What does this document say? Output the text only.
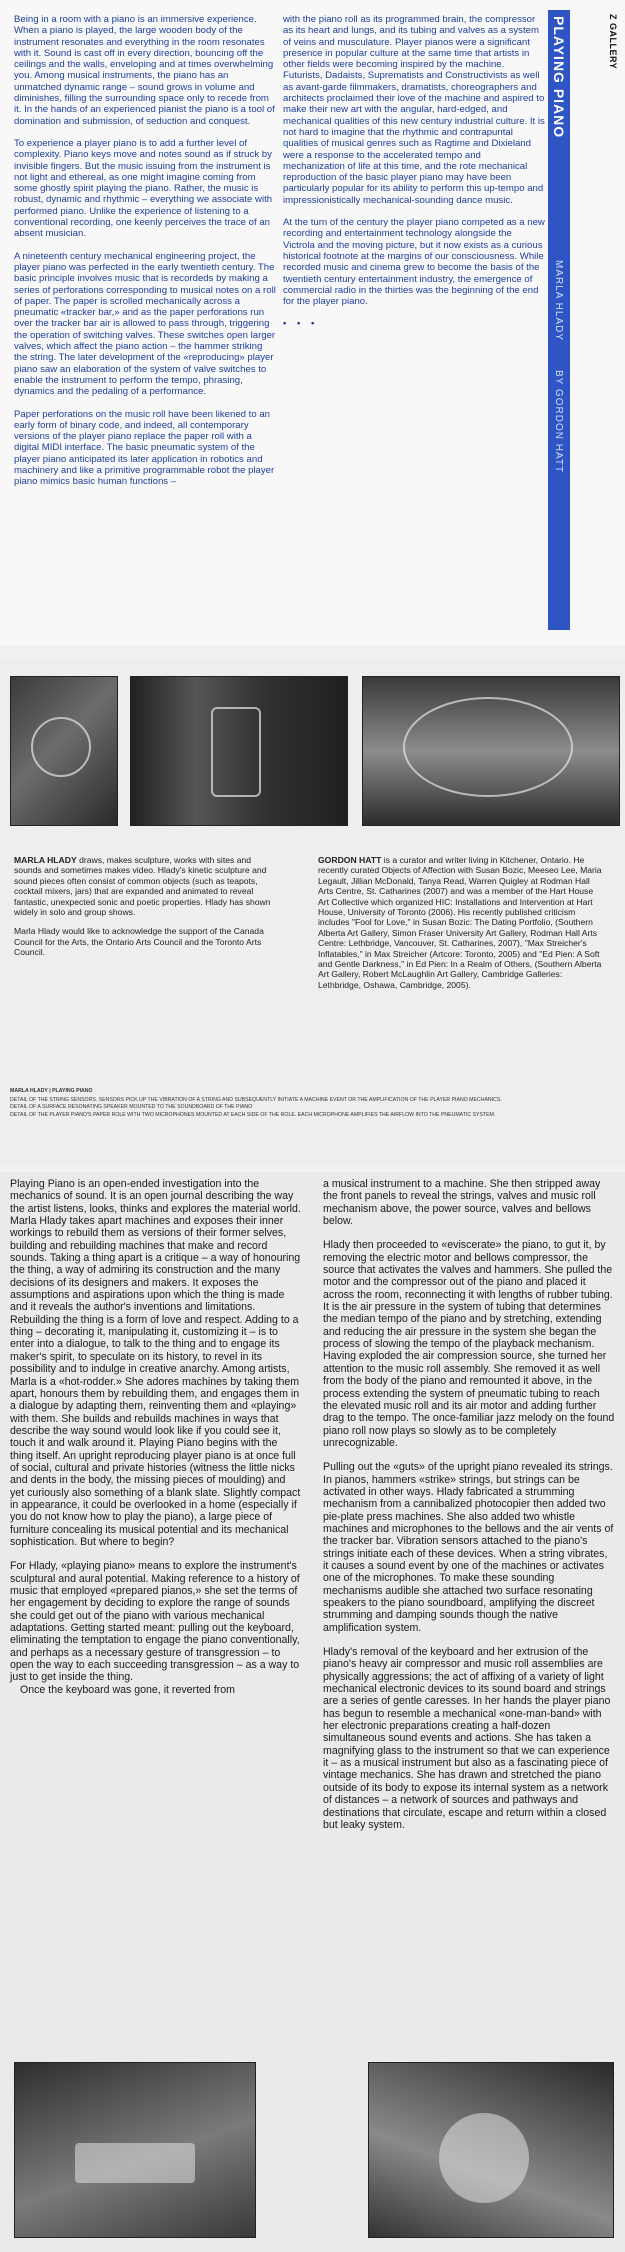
Being in a room with a piano is an immersive experience. When a piano is played, the large wooden body of the instrument resonates and everything in the room resonates with it. Sound is cast off in every direction, bouncing off the ceilings and the walls, enveloping and at times overwhelming you. Among musical instruments, the piano has an unmatched dynamic range – sound grows in volume and diminishes, filling the surrounding space only to recede from it. In the hands of an experienced pianist the piano is a tool of domination and submission, of seduction and conquest.

To experience a player piano is to add a further level of complexity. Piano keys move and notes sound as if struck by invisible fingers. But the music issuing from the instrument is not light and ethereal, as one might imagine coming from some ghostly spirit playing the piano. Rather, the music is robust, dynamic and rhythmic – everything we associate with performed piano. Unlike the experience of listening to a conventional recording, one keenly perceives the trace of an absent musician.

A nineteenth century mechanical engineering project, the player piano was perfected in the early twentieth century. The basic principle involves music that is recordeds by making a series of perforations corresponding to musical notes on a roll of paper. The paper is scrolled mechanically across a pneumatic «tracker bar,» and as the paper perforations run over the tracker bar air is allowed to pass through, triggering the operation of switching valves. These switches open larger valves, which affect the piano action – the hammer striking the string. The later development of the «reproducing» player piano saw an elaboration of the system of valve switches to enable the instrument to perform the tempo, phrasing, dynamics and the pedaling of a performance.

Paper perforations on the music roll have been likened to an early form of binary code, and indeed, all contemporary versions of the player piano replace the paper roll with a digital MIDI interface. The basic pneumatic system of the player piano anticipated its later application in robotics and machinery and like a primitive programmable robot the player piano mimics basic human functions –

with the piano roll as its programmed brain, the compressor as its heart and lungs, and its tubing and valves as a system of veins and musculature. Player pianos were a significant presence in popular culture at the same time that artists in other fields were becoming inspired by the machine. Futurists, Dadaists, Suprematists and Constructivists as well as avant-garde filmmakers, dramatists, choreographers and architects proclaimed their love of the machine and aspired to make their new art with the angular, hard-edged, and mechanical qualities of this new century industrial culture. It is not hard to imagine that the rhythmic and contrapuntal qualities of musical genres such as Ragtime and Dixieland were a response to the accelerated tempo and mechanization of life at this time, and the rote mechanical reproduction of the basic player piano may have been particularly popular for its ability to perform this up-tempo and impressionistically mechanical-sounding dance music.

At the turn of the century the player piano competed as a new recording and entertainment technology alongside the Victrola and the moving picture, but it now exists as a curious historical footnote at the margins of our consciousness. While recorded music and cinema grew to become the basis of the twentieth century entertainment industry, the emergence of commercial radio in the thirties was the beginning of the end for the player piano.

• • •

PLAYING PIANO
MARLA HLADY
BY GORDON HATT
Z GALLERY

MARLA HLADY draws, makes sculpture, works with sites and sounds and sometimes makes video. Hlady's kinetic sculpture and sound pieces often consist of common objects (such as teapots, cocktail mixers, jars) that are expanded and animated to reveal fantastic, unexpected sonic and poetic properties. Hlady has shown widely in solo and group shows.

Marla Hlady would like to acknowledge the support of the Canada Council for the Arts, the Ontario Arts Council and the Toronto Arts Council.

GORDON HATT is a curator and writer living in Kitchener, Ontario. He recently curated Objects of Affection with Susan Bozic, Meeseo Lee, Maria Legault, Jillian McDonald, Tanya Read, Warren Quigley at Rodman Hall Arts Centre, St. Catharines (2007) and was a member of the Hart House Art Collective which organized HIC: Installations and Intervention at Hart House, University of Toronto (2006). His recently published criticism includes "Fool for Love," in Susan Bozic: The Dating Portfolio, (Southern Alberta Art Gallery, Simon Fraser University Art Gallery, Rodman Hall Arts Centre: Lethbridge, Vancouver, St. Catharines, 2007), "Max Streicher's Inflatables," in Max Streicher (Artcore: Toronto, 2005) and "Ed Pien: A Soft and Gentle Darkness," in Ed Pien: In a Realm of Others, (Southern Alberta Art Gallery, Robert McLaughlin Art Gallery, Cambridge Galleries: Lethbridge, Oshawa, Cambridge, 2005).

MARLA HLADY | PLAYING PIANO
DETAIL OF THE STRING SENSORS. SENSORS PICK UP THE VIBRATION OF A STRING AND SUBSEQUENTLY INITIATE A MACHINE EVENT OR THE AMPLIFICATION OF THE PLAYER PIANO MECHANICS.
DETAIL OF A SURFACE RESONATING SPEAKER MOUNTED TO THE SOUNDBOARD OF THE PIANO
DETAIL OF THE PLAYER PIANO'S PAPER ROLE WITH TWO MICROPHONES MOUNTED AT EACH SIDE OF THE ROLE. EACH MICROPHONE AMPLIFIES THE AIRFLOW INTO THE PNEUMATIC SYSTEM.

Playing Piano is an open-ended investigation into the mechanics of sound. It is an open journal describing the way the artist listens, looks, thinks and explores the material world. Marla Hlady takes apart machines and exposes their inner workings to rebuild them as versions of their former selves, building and rebuilding machines that make and record sounds. Taking a thing apart is a critique – a way of honouring the thing, a way of admiring its construction and the many decisions of its designers and makers. It exposes the assumptions and aspirations upon which the thing is made and it reveals the author's inventions and limitations. Rebuilding the thing is a form of love and respect. Adding to a thing – decorating it, manipulating it, customizing it – is to enter into a dialogue, to talk to the thing and to engage its maker's spirit, to speculate on its history, to revel in its possibility and to indulge in creative anarchy. Among artists, Marla is a «hot-rodder.» She adores machines by taking them apart, honours them by rebuilding them, and engages them in a dialogue by adapting them, reinventing them and «playing» with them. She builds and rebuilds machines in ways that describe the way sound would look like if you could see it, touch it and walk around it. Playing Piano begins with the thing itself. An upright reproducing player piano is at once full of social, cultural and private histories (witness the little nicks and dents in the body, the missing pieces of moulding) and yet curiously also something of a blank slate. Slightly compact in appearance, it could be overlooked in a home (especially if you do not know how to play the piano), a large piece of furniture concealing its musical potential and its mechanical sophistication. But where to begin?

For Hlady, «playing piano» means to explore the instrument's sculptural and aural potential. Making reference to a history of music that employed «prepared pianos,» she set the terms of her engagement by deciding to explore the range of sounds she could get out of the piano with various mechanical adaptations. Getting started meant: pulling out the keyboard, eliminating the temptation to engage the piano conventionally, and perhaps as a necessary gesture of transgression – to open the way to each succeeding transgression – as a way to just to get inside the thing.

Once the keyboard was gone, it reverted from

a musical instrument to a machine. She then stripped away the front panels to reveal the strings, valves and music roll mechanism above, the power source, valves and bellows below.

Hlady then proceeded to «eviscerate» the piano, to gut it, by removing the electric motor and bellows compressor, the source that activates the valves and hammers. She pulled the motor and the compressor out of the piano and placed it across the room, reconnecting it with lengths of rubber tubing. It is the air pressure in the system of tubing that determines the median tempo of the piano and by stretching, extending and reducing the air pressure in the system she began the process of slowing the tempo of the playback mechanism. Having exploded the air compression source, she turned her attention to the music roll assembly. She removed it as well from the body of the piano and remounted it above, in the process extending the system of pneumatic tubing to reach the elevated music roll and its air motor and adding further drag to the tempo. The once-familiar jazz melody on the found piano roll now plays so slowly as to be completely unrecognizable.

Pulling out the «guts» of the upright piano revealed its strings. In pianos, hammers «strike» strings, but strings can be activated in other ways. Hlady fabricated a strumming mechanism from a cannibalized photocopier then added two pie-plate press machines. She also added two whistle machines and microphones to the bellows and the air vents of the tracker bar. Vibration sensors attached to the piano's strings initiate each of these devices. When a string vibrates, it causes a sound event by one of the machines or activates one of the microphones. To make these sounding mechanisms audible she attached two surface resonating speakers to the piano soundboard, amplifying the discreet strumming and damping sounds though the native amplification system.

Hlady's removal of the keyboard and her extrusion of the piano's heavy air compressor and music roll assemblies are physically aggressions; the act of affixing of a variety of light mechanical electronic devices to its sound board and strings are a series of gentle caresses. In her hands the player piano has begun to resemble a mechanical «one-man-band» with her electronic preparations creating a half-dozen simultaneous sound events and actions. She has taken a magnifying glass to the instrument so that we can experience it – as a musical instrument but also as a fascinating piece of vintage mechanics. She has drawn and stretched the piano outside of its body to expose its internal system as a network of distances – a network of sources and pathways and destinations that circulate, escape and return within a closed but leaky system.
